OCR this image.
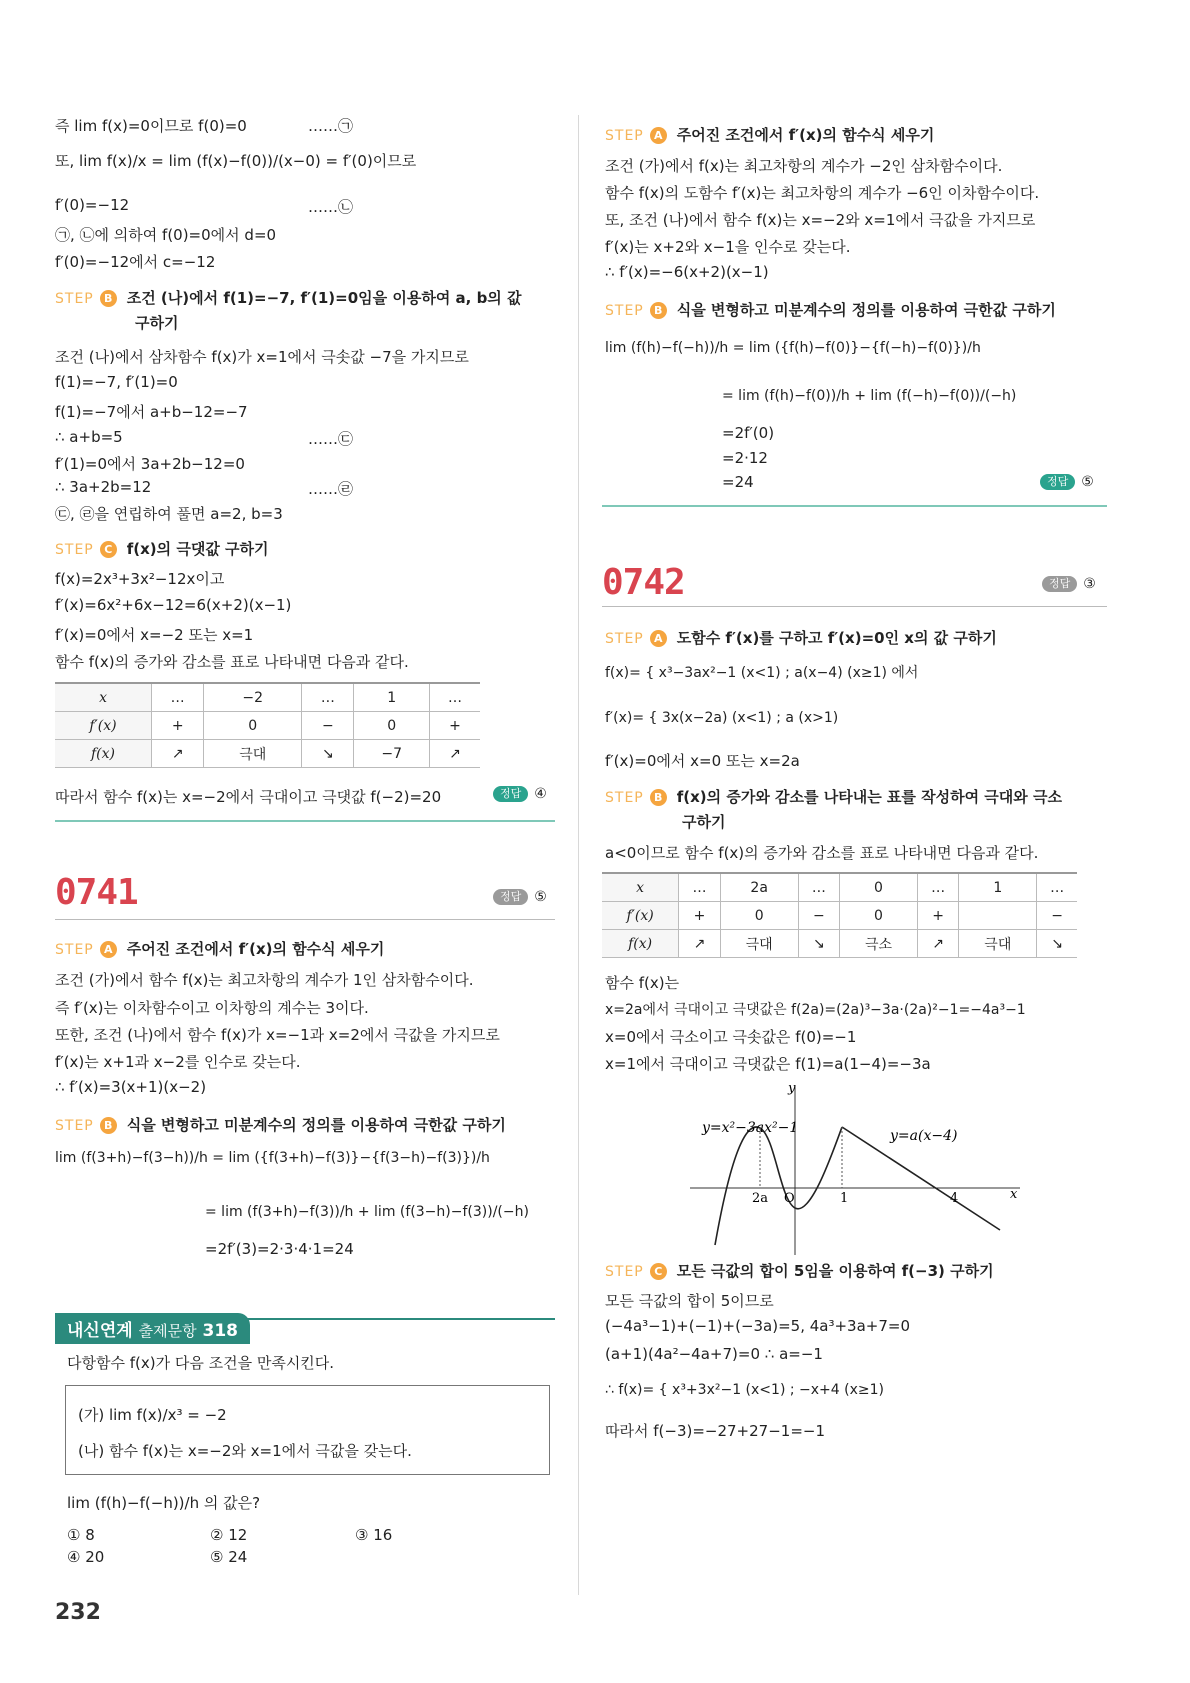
즉 lim f(x)=0이므로 f(0)=0	……㉠
또, lim f(x)/x = lim (f(x)−f(0))/(x−0) = f′(0)이므로
f′(0)=−12	……㉡
㉠, ㉡에 의하여 f(0)=0에서 d=0
f′(0)=−12에서 c=−12
STEP B 조건 (나)에서 f(1)=−7, f′(1)=0임을 이용하여 a, b의 값
구하기
조건 (나)에서 삼차함수 f(x)가 x=1에서 극솟값 −7을 가지므로
f(1)=−7, f′(1)=0
f(1)=−7에서 a+b−12=−7
∴ a+b=5	……㉢
f′(1)=0에서 3a+2b−12=0
∴ 3a+2b=12	……㉣
㉢, ㉣을 연립하여 풀면 a=2, b=3
STEP C f(x)의 극댓값 구하기
f(x)=2x³+3x²−12x이고
f′(x)=6x²+6x−12=6(x+2)(x−1)
f′(x)=0에서 x=−2 또는 x=1
함수 f(x)의 증가와 감소를 표로 나타내면 다음과 같다.
x	…	−2	…	1	…
f′(x)	+	0	−	0	+
f(x)	↗	극대	↘	−7	↗
따라서 함수 f(x)는 x=−2에서 극대이고 극댓값 f(−2)=20	정답 ④
0741	정답 ⑤
STEP A 주어진 조건에서 f′(x)의 함수식 세우기
조건 (가)에서 함수 f(x)는 최고차항의 계수가 1인 삼차함수이다.
즉 f′(x)는 이차함수이고 이차항의 계수는 3이다.
또한, 조건 (나)에서 함수 f(x)가 x=−1과 x=2에서 극값을 가지므로
f′(x)는 x+1과 x−2를 인수로 갖는다.
∴ f′(x)=3(x+1)(x−2)
STEP B 식을 변형하고 미분계수의 정의를 이용하여 극한값 구하기
lim (f(3+h)−f(3−h))/h = lim ({f(3+h)−f(3)}−{f(3−h)−f(3)})/h
= lim (f(3+h)−f(3))/h + lim (f(3−h)−f(3))/(−h)
=2f′(3)=2·3·4·1=24
내신연계 출제문항 318
다항함수 f(x)가 다음 조건을 만족시킨다.
(가) lim f(x)/x³ = −2
(나) 함수 f(x)는 x=−2와 x=1에서 극값을 갖는다.
lim (f(h)−f(−h))/h 의 값은?
① 8	② 12	③ 16
④ 20	⑤ 24
232
STEP A 주어진 조건에서 f′(x)의 함수식 세우기
조건 (가)에서 f(x)는 최고차항의 계수가 −2인 삼차함수이다.
함수 f(x)의 도함수 f′(x)는 최고차항의 계수가 −6인 이차함수이다.
또, 조건 (나)에서 함수 f(x)는 x=−2와 x=1에서 극값을 가지므로
f′(x)는 x+2와 x−1을 인수로 갖는다.
∴ f′(x)=−6(x+2)(x−1)
STEP B 식을 변형하고 미분계수의 정의를 이용하여 극한값 구하기
lim (f(h)−f(−h))/h = lim ({f(h)−f(0)}−{f(−h)−f(0)})/h
= lim (f(h)−f(0))/h + lim (f(−h)−f(0))/(−h)
=2f′(0)
=2·12
=24	정답 ⑤
0742	정답 ③
STEP A 도함수 f′(x)를 구하고 f′(x)=0인 x의 값 구하기
f(x)= { x³−3ax²−1 (x<1) ; a(x−4) (x≥1) 에서
f′(x)= { 3x(x−2a) (x<1) ; a (x>1)
f′(x)=0에서 x=0 또는 x=2a
STEP B f(x)의 증가와 감소를 나타내는 표를 작성하여 극대와 극소
구하기
a<0이므로 함수 f(x)의 증가와 감소를 표로 나타내면 다음과 같다.
x	…	2a	…	0	…	1	…
f′(x)	+	0	−	0	+		−
f(x)	↗	극대	↘	극소	↗	극대	↘
함수 f(x)는
x=2a에서 극대이고 극댓값은 f(2a)=(2a)³−3a·(2a)²−1=−4a³−1
x=0에서 극소이고 극솟값은 f(0)=−1
x=1에서 극대이고 극댓값은 f(1)=a(1−4)=−3a
y=x²−3ax²−1	y=a(x−4)
x
y
2a O	1	4
STEP C 모든 극값의 합이 5임을 이용하여 f(−3) 구하기
모든 극값의 합이 5이므로
(−4a³−1)+(−1)+(−3a)=5, 4a³+3a+7=0
(a+1)(4a²−4a+7)=0 ∴ a=−1
∴ f(x)= { x³+3x²−1 (x<1) ; −x+4 (x≥1)
따라서 f(−3)=−27+27−1=−1
